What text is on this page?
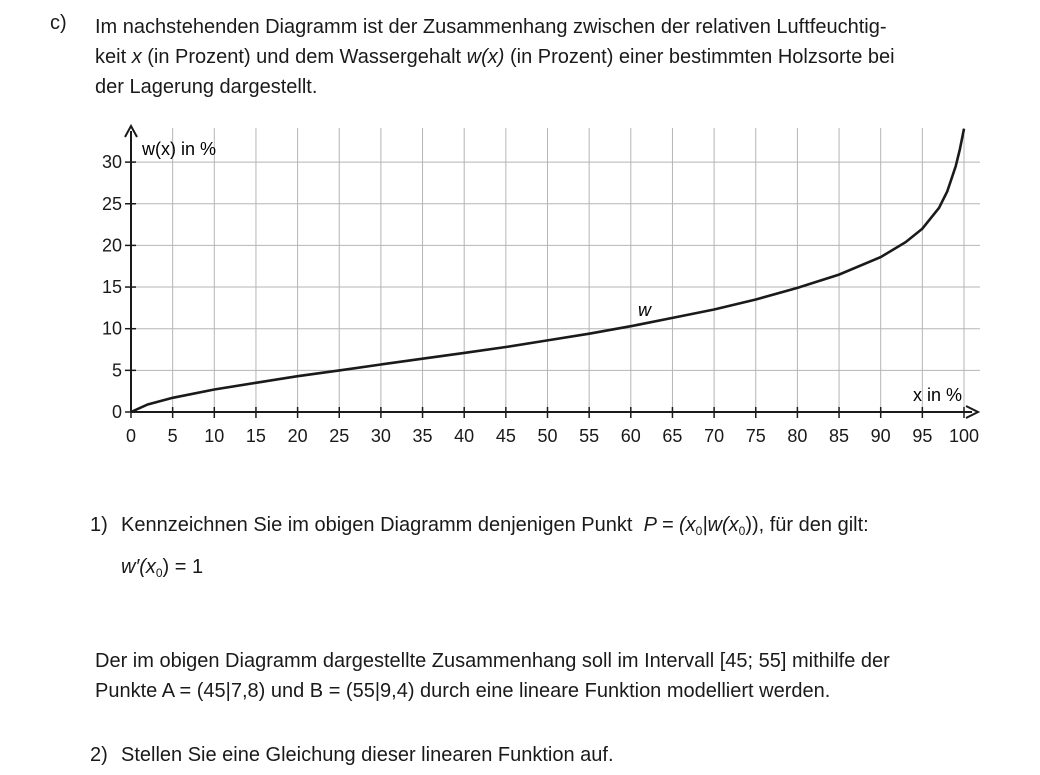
c) Im nachstehenden Diagramm ist der Zusammenhang zwischen der relativen Luftfeuchtig-
keit x (in Prozent) und dem Wassergehalt w(x) (in Prozent) einer bestimmten Holzsorte bei
der Lagerung dargestellt.
0 5 10 15 20 25 30 35 40 45 50 55 60 65 70 75 80 85 90 95 100
0
5
10
15
20
25
30
w(x) in %
x in %
w
1) Kennzeichnen Sie im obigen Diagramm denjenigen Punkt $P = (x_0|w(x_0))$, für den gilt:
$w'(x_0) = 1$
Der im obigen Diagramm dargestellte Zusammenhang soll im Intervall [45; 55] mithilfe der
Punkte A = (45|7,8) und B = (55|9,4) durch eine lineare Funktion modelliert werden.
2) Stellen Sie eine Gleichung dieser linearen Funktion auf.
